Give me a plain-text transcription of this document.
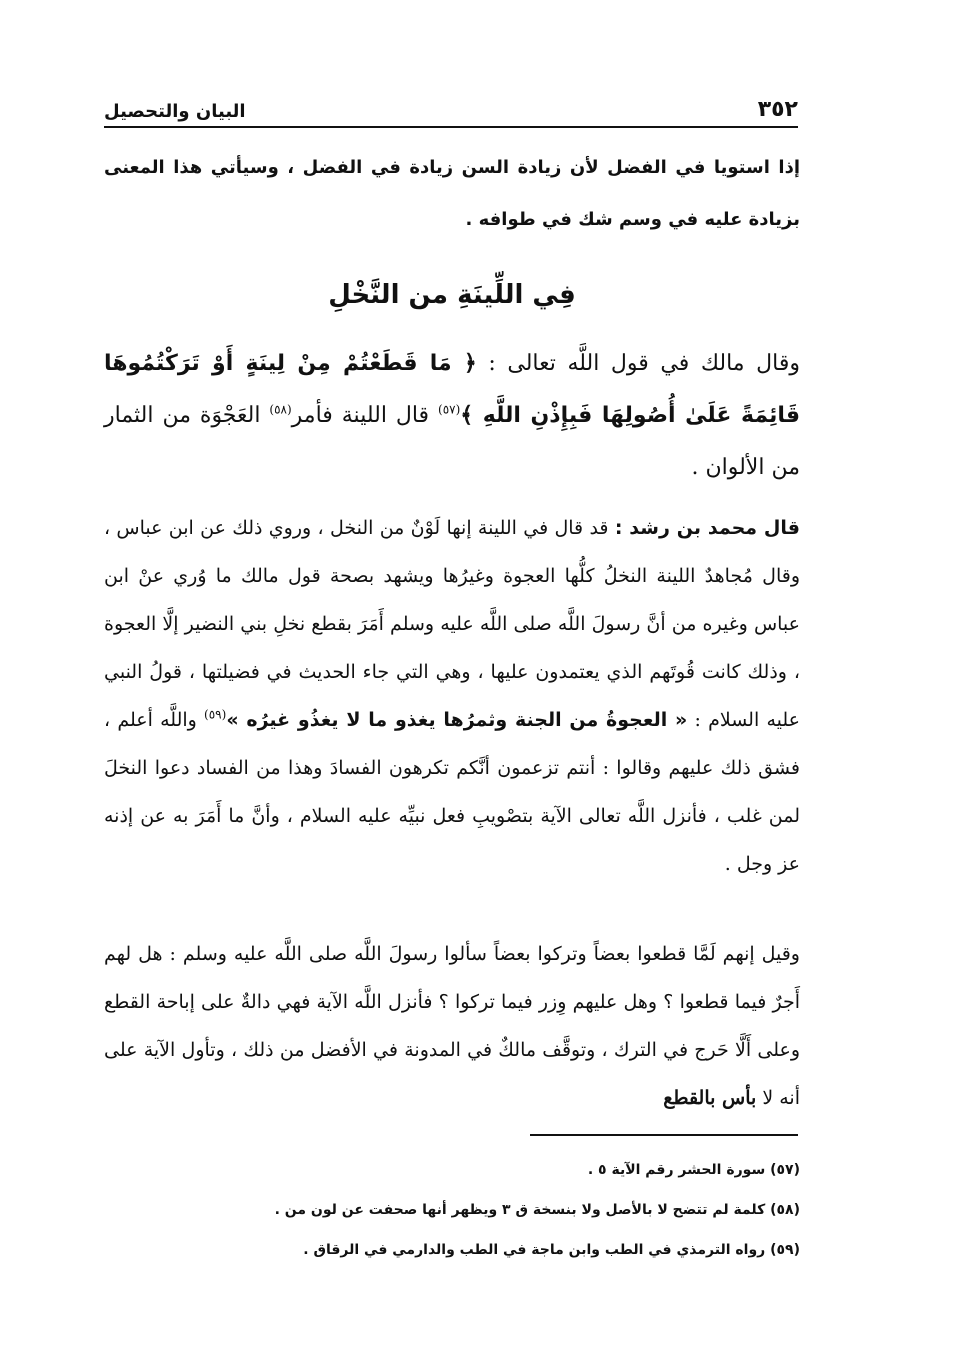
٣٥٢
البيان والتحصيل

إذا استويا في الفضل لأن زيادة السن زيادة في الفضل ، وسيأتي هذا المعنى بزيادة عليه في وسم شك في طوافه .

فِي اللِّينَةِ من النَّخْلِ

وقال مالك في قول اللَّه تعالى : ﴿ مَا قَطَعْتُمْ مِنْ لِينَةٍ أَوْ تَرَكْتُمُوهَا قَائِمَةً عَلَىٰ أُصُولِهَا فَبِإِذْنِ اللَّهِ ﴾$^{(٥٧)}$ قال اللينة فأمر$^{(٥٨)}$ العَجْوَة من الثمار من الألوان .

قال محمد بن رشد : قد قال في اللينة إنها لَوْنٌ من النخل ، وروي ذلك عن ابن عباس ، وقال مُجاهدٌ اللينة النخلُ كلُّها العجوة وغيرُها ويشهد بصحة قول مالك ما وُري عنْ ابن عباس وغيره من أنَّ رسولَ اللَّه صلى اللَّه عليه وسلم أَمَرَ بقطع نخلِ بني النضير إلَّا العجوة ، وذلك كانت قُوتَهم الذي يعتمدون عليها ، وهي التي جاء الحديث في فضيلتها ، قولُ النبي عليه السلام : « العجوةُ من الجنة وثمرُها يغذو ما لا يغذُو غيرُه »$^{(٥٩)}$ واللَّه أعلم ، فشق ذلك عليهم وقالوا : أنتم تزعمون أنَّكم تكرهون الفسادَ وهذا من الفساد دعوا النخلَ لمن غلب ، فأنزل اللَّه تعالى الآية بتصْويبِ فعل نبيِّه عليه السلام ، وأنَّ ما أَمَرَ به عن إذنه عز وجل .

وقيل إنهم لَمَّا قطعوا بعضاً وتركوا بعضاً سألوا رسولَ اللَّه صلى اللَّه عليه وسلم : هل لهم أَجرٌ فيما قطعوا ؟ وهل عليهم وِزر فيما تركوا ؟ فأنزل اللَّه الآية فهي دالةٌ على إباحة القطع وعلى أَلَّا حَرج في الترك ، وتوقَّف مالكٌ في المدونة في الأفضل من ذلك ، وتأول الآية على أنه لا بأس بالقطع

(٥٧) سورة الحشر رقم الآية ٥ .
(٥٨) كلمة لم تتضح لا بالأصل ولا بنسخة ق ٣ ويظهر أنها صحفت عن لون من .
(٥٩) رواه الترمذي في الطب وابن ماجة في الطب والدارمي في الرقاق .
